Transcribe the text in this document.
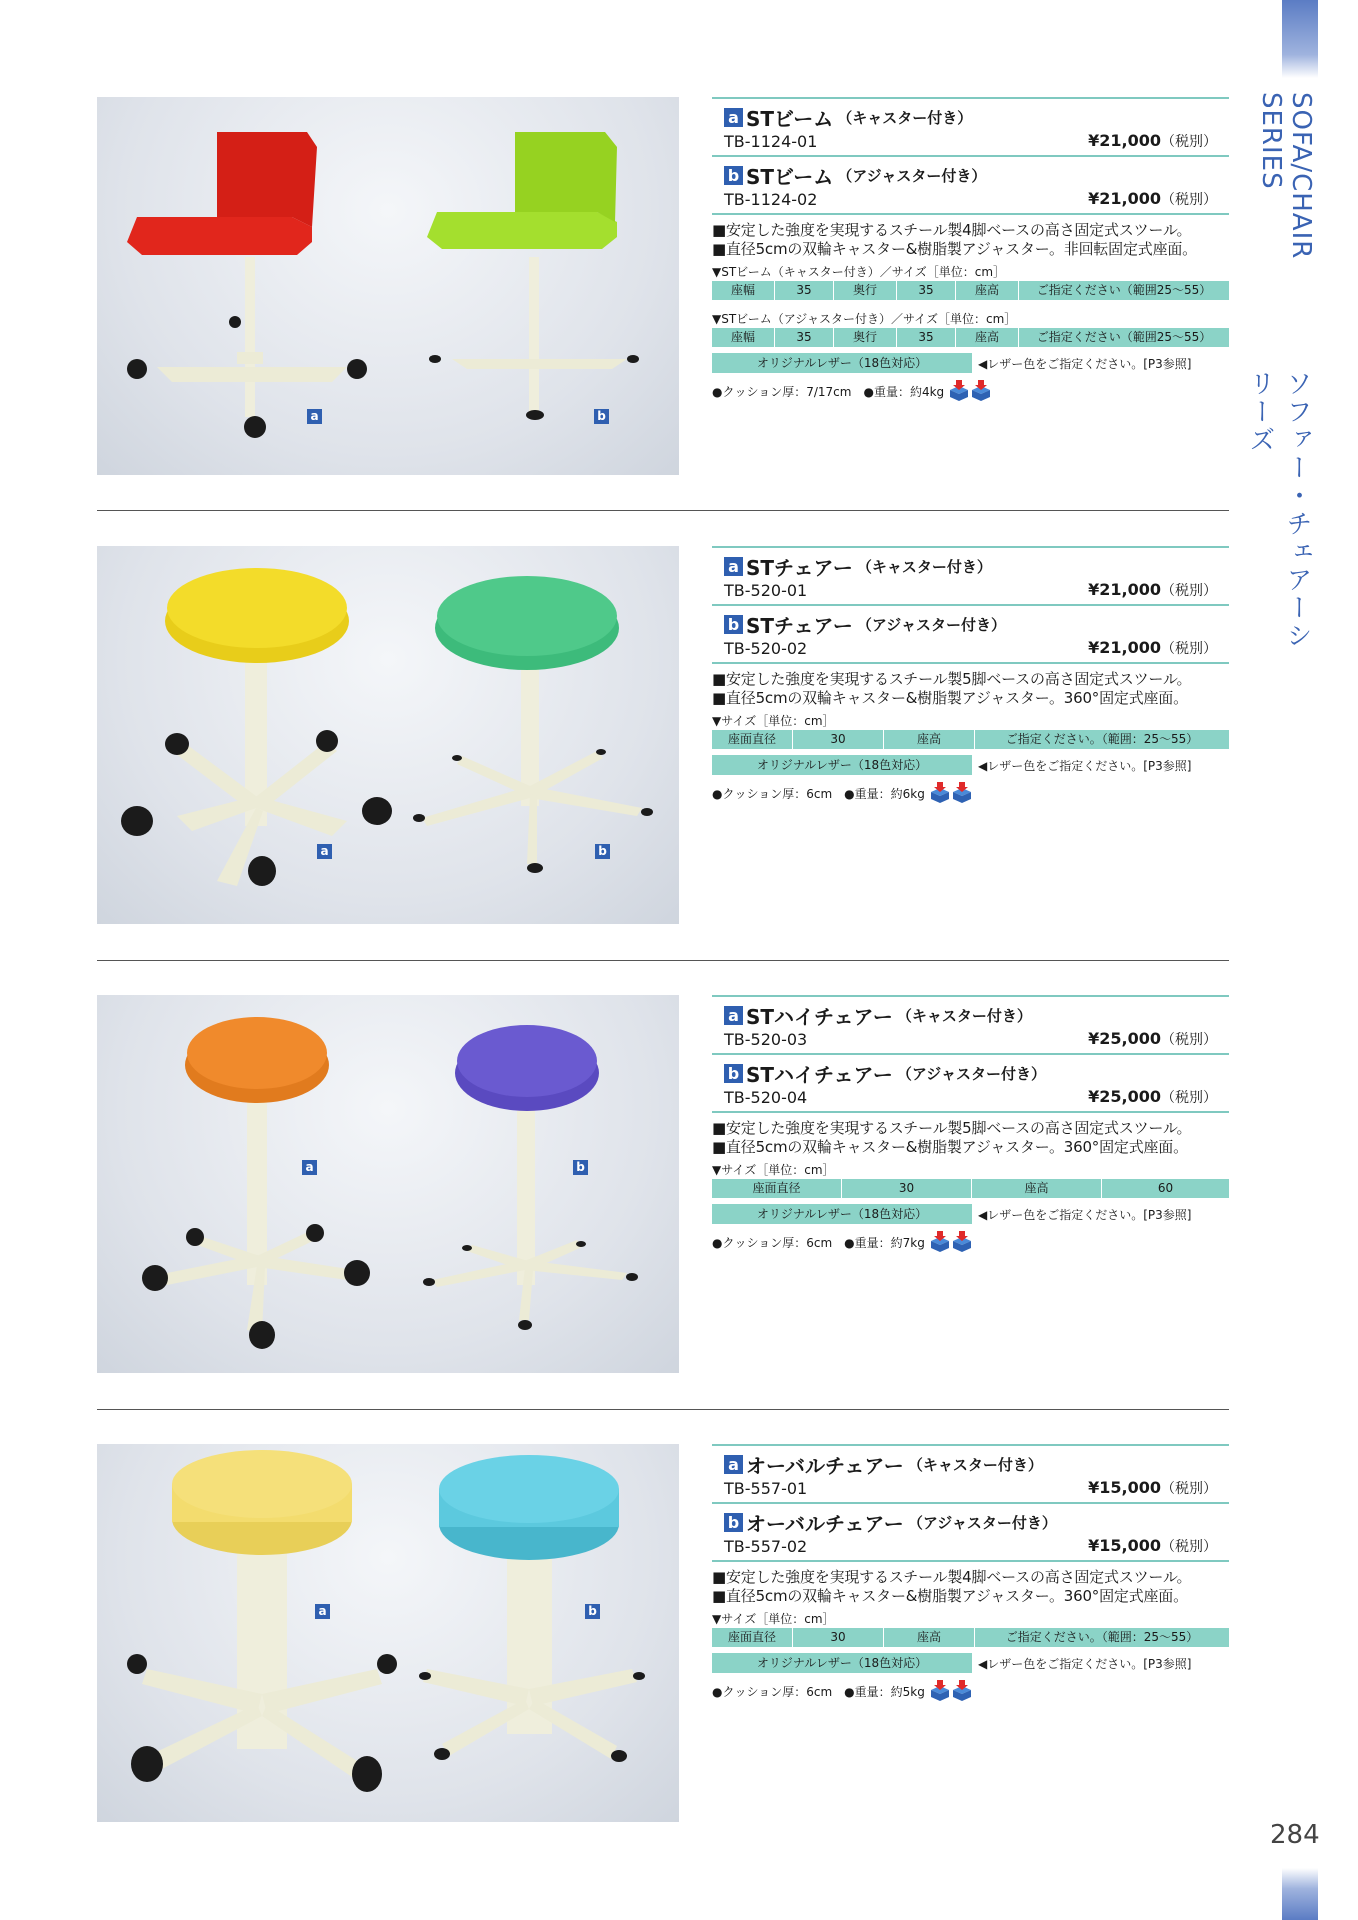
SOFA/CHAIR SERIES
ソファー・チェアーシリーズ
284
a	b
a STビーム （キャスター付き）
TB-1124-01	¥21,000（税別）
b STビーム （アジャスター付き）
TB-1124-02	¥21,000（税別）
■安定した強度を実現するスチール製4脚ベースの高さ固定式スツール。
■直径5cmの双輪キャスター&樹脂製アジャスター。非回転固定式座面。
▼STビーム（キャスター付き）／サイズ［単位：cm］
座幅	35	奥行	35	座高	ご指定ください（範囲25〜55）
▼STビーム（アジャスター付き）／サイズ［単位：cm］
座幅	35	奥行	35	座高	ご指定ください（範囲25〜55）
オリジナルレザー（18色対応）	◀レザー色をご指定ください。[P3参照]
●クッション厚：7/17cm ●重量：約4kg
a	b
a STチェアー （キャスター付き）
TB-520-01	¥21,000（税別）
b STチェアー （アジャスター付き）
TB-520-02	¥21,000（税別）
■安定した強度を実現するスチール製5脚ベースの高さ固定式スツール。
■直径5cmの双輪キャスター&樹脂製アジャスター。360°固定式座面。
▼サイズ［単位：cm］
座面直径	30	座高	ご指定ください。（範囲：25〜55）
オリジナルレザー（18色対応）	◀レザー色をご指定ください。[P3参照]
●クッション厚：6cm ●重量：約6kg
a	b
a STハイチェアー （キャスター付き）
TB-520-03	¥25,000（税別）
b STハイチェアー （アジャスター付き）
TB-520-04	¥25,000（税別）
■安定した強度を実現するスチール製5脚ベースの高さ固定式スツール。
■直径5cmの双輪キャスター&樹脂製アジャスター。360°固定式座面。
▼サイズ［単位：cm］
座面直径	30	座高	60
オリジナルレザー（18色対応）	◀レザー色をご指定ください。[P3参照]
●クッション厚：6cm ●重量：約7kg
a	b
a オーバルチェアー （キャスター付き）
TB-557-01	¥15,000（税別）
b オーバルチェアー （アジャスター付き）
TB-557-02	¥15,000（税別）
■安定した強度を実現するスチール製4脚ベースの高さ固定式スツール。
■直径5cmの双輪キャスター&樹脂製アジャスター。360°固定式座面。
▼サイズ［単位：cm］
座面直径	30	座高	ご指定ください。（範囲：25〜55）
オリジナルレザー（18色対応）	◀レザー色をご指定ください。[P3参照]
●クッション厚：6cm ●重量：約5kg
